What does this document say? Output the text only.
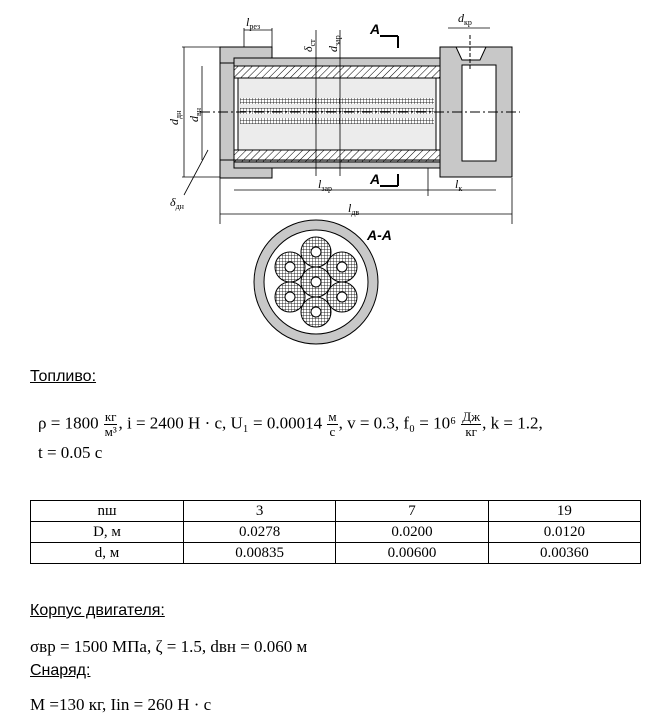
A
A
$l_{рез}$
$d_{кр}$
$\delta_{ст}$
$d_{зар}$
$d_{дн}$ $d_{вн}$
$l_{зар}$	$l_к$
$\delta_{дн}$	$l_{дв}$
A-A
Топливо:
$\rho = 1800 \frac{кг}{\text{м³}}$ , i = 2400 Н · с, $U_1 = 0.00014 \frac{м}{с}$ , v = 0.3, $f_0 = 10^6 \frac{Дж}{кг}$ , k = 1.2,
t = 0.05 с
nш	3	7	19
D, м	0.0278	0.0200	0.0120
d, м	0.00835	0.00600	0.00360
Корпус двигателя:
σвр = 1500 МПа, ζ = 1.5, dвн = 0.060 м
Снаряд:
M =130 кг, Iin = 260 Н · с
